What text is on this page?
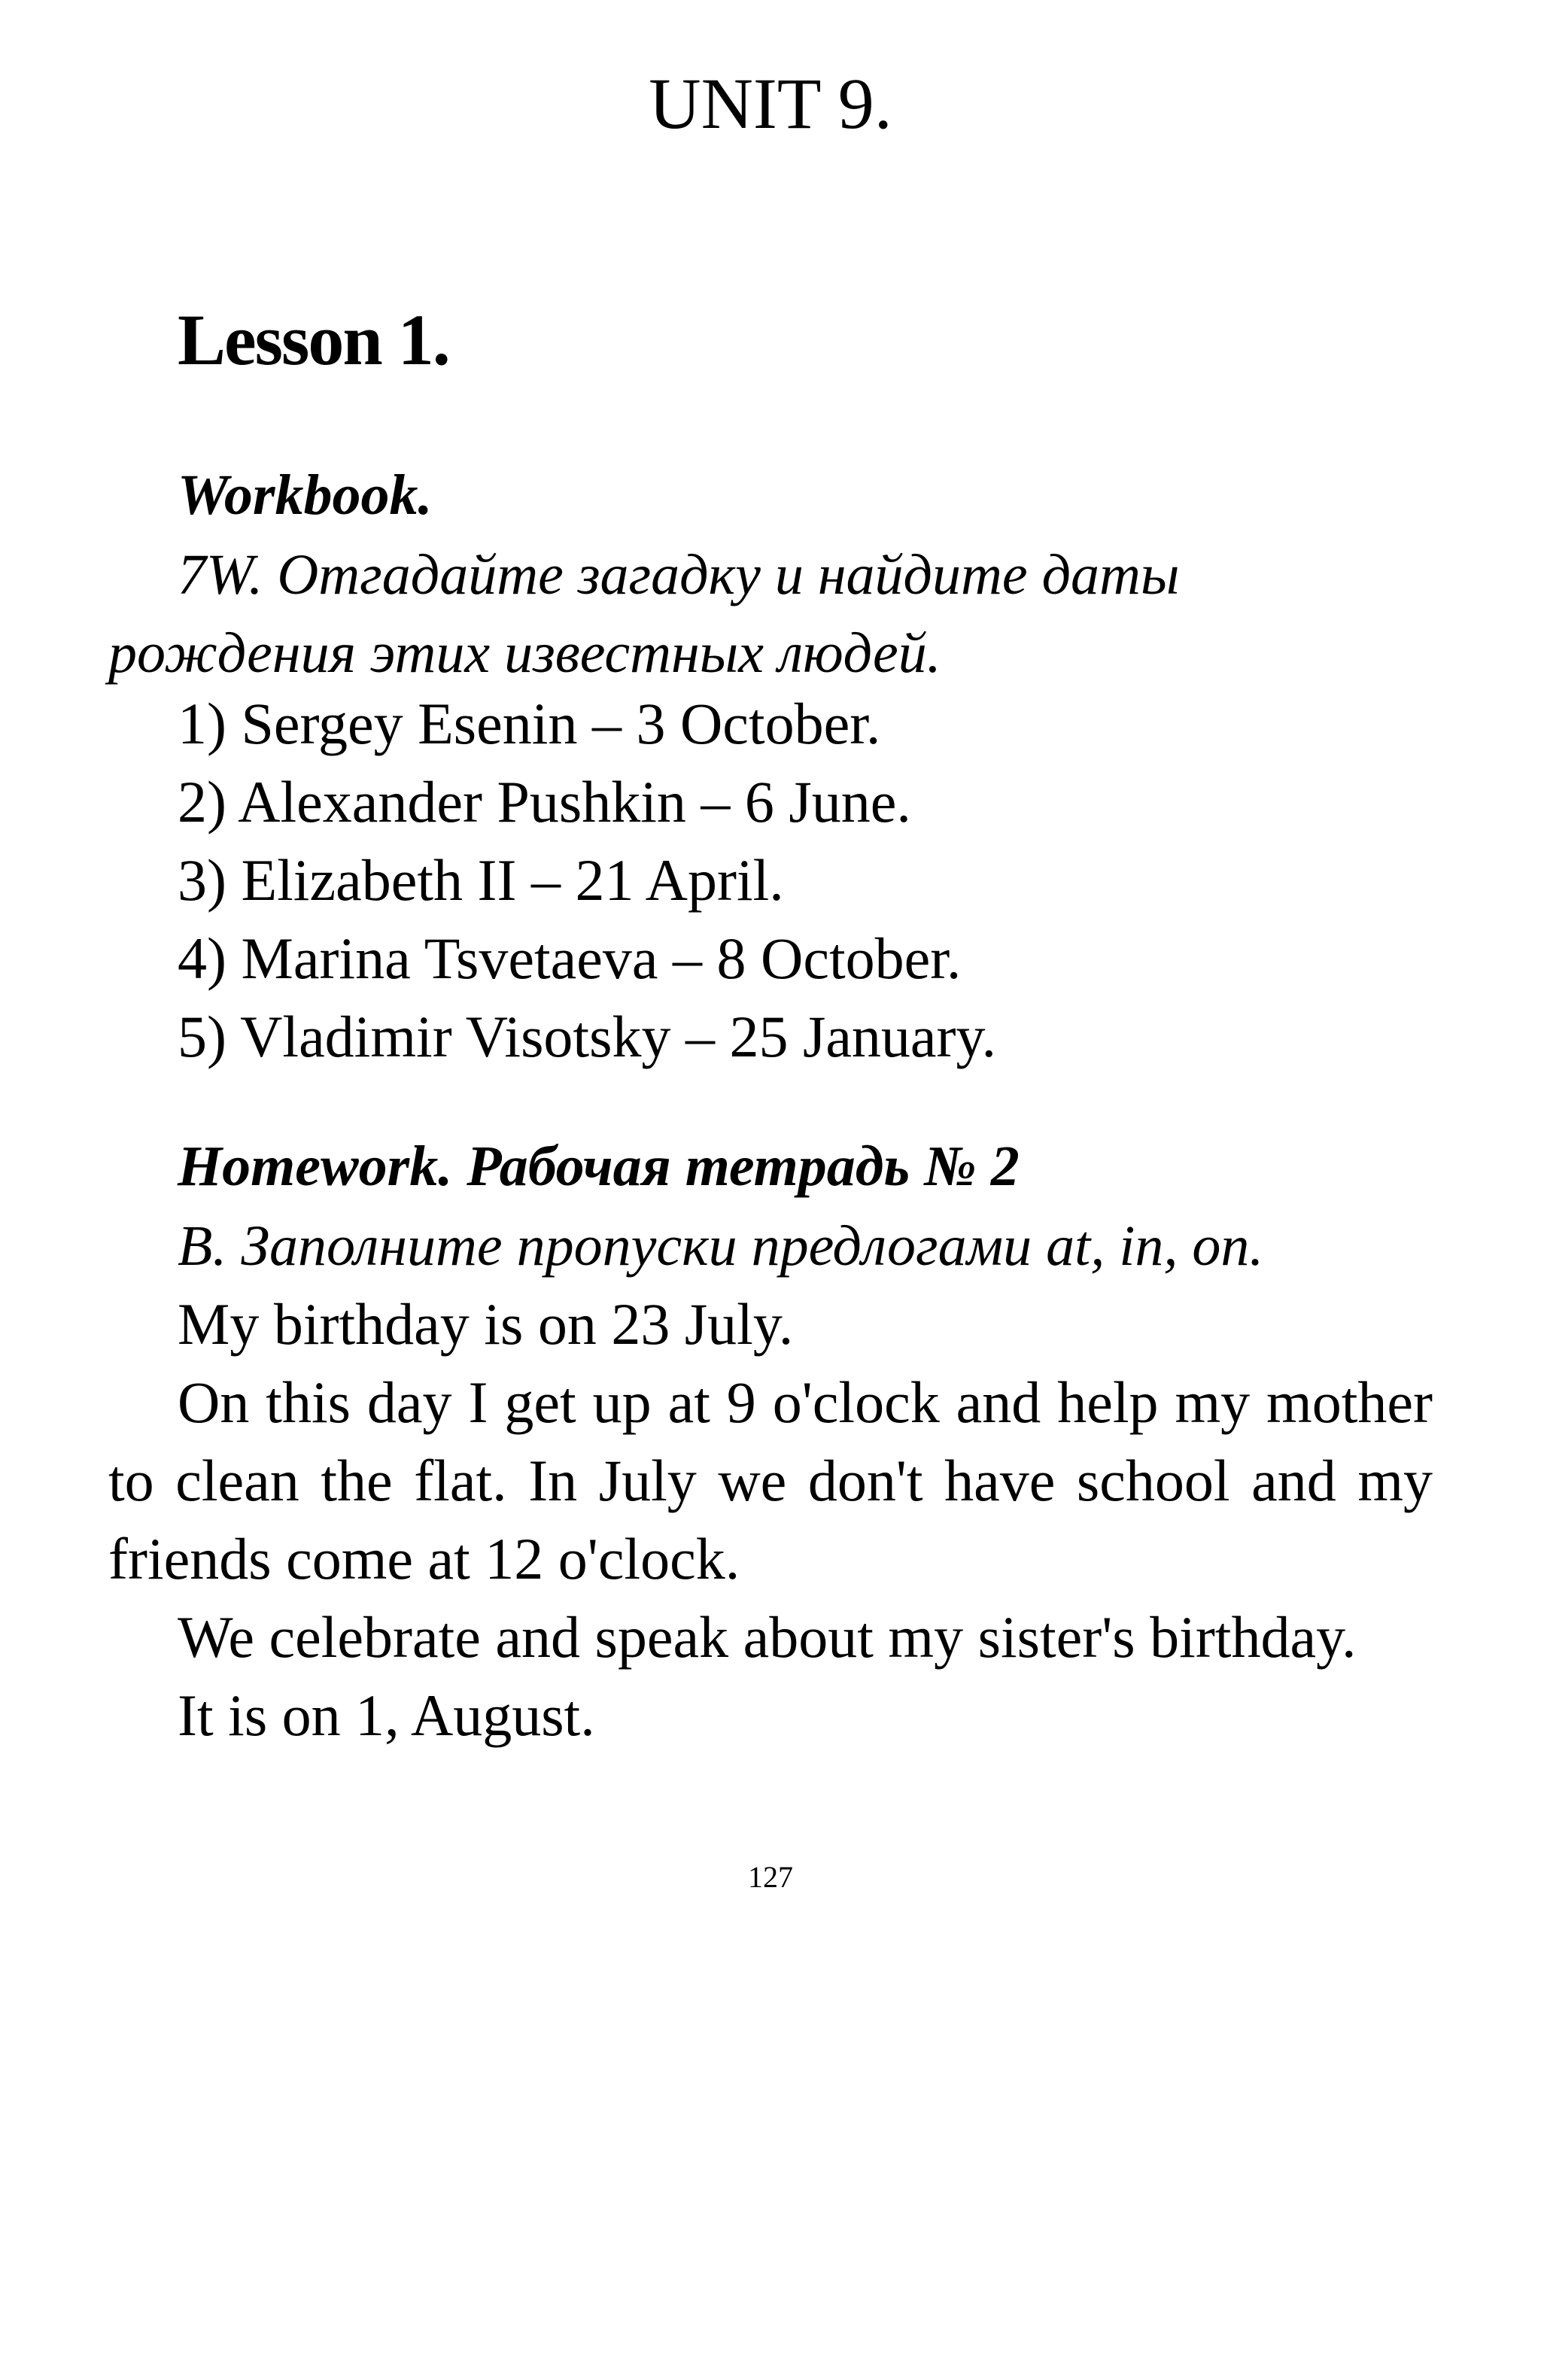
UNIT 9.
Lesson 1.

Workbook.

7W. Отгадайте загадку и найдите даты рождения этих известных людей.

1) Sergey Esenin – 3 October.
2) Alexander Pushkin – 6 June.
3) Elizabeth II – 21 April.
4) Marina Tsvetaeva – 8 October.
5) Vladimir Visotsky – 25 January.

Homework. Рабочая тетрадь № 2

B. Заполните пропуски предлогами at, in, on.

My birthday is on 23 July.

On this day I get up at 9 o'clock and help my mother to clean the flat. In July we don't have school and my friends come at 12 o'clock.

We celebrate and speak about my sister's birthday.

It is on 1, August.

127
